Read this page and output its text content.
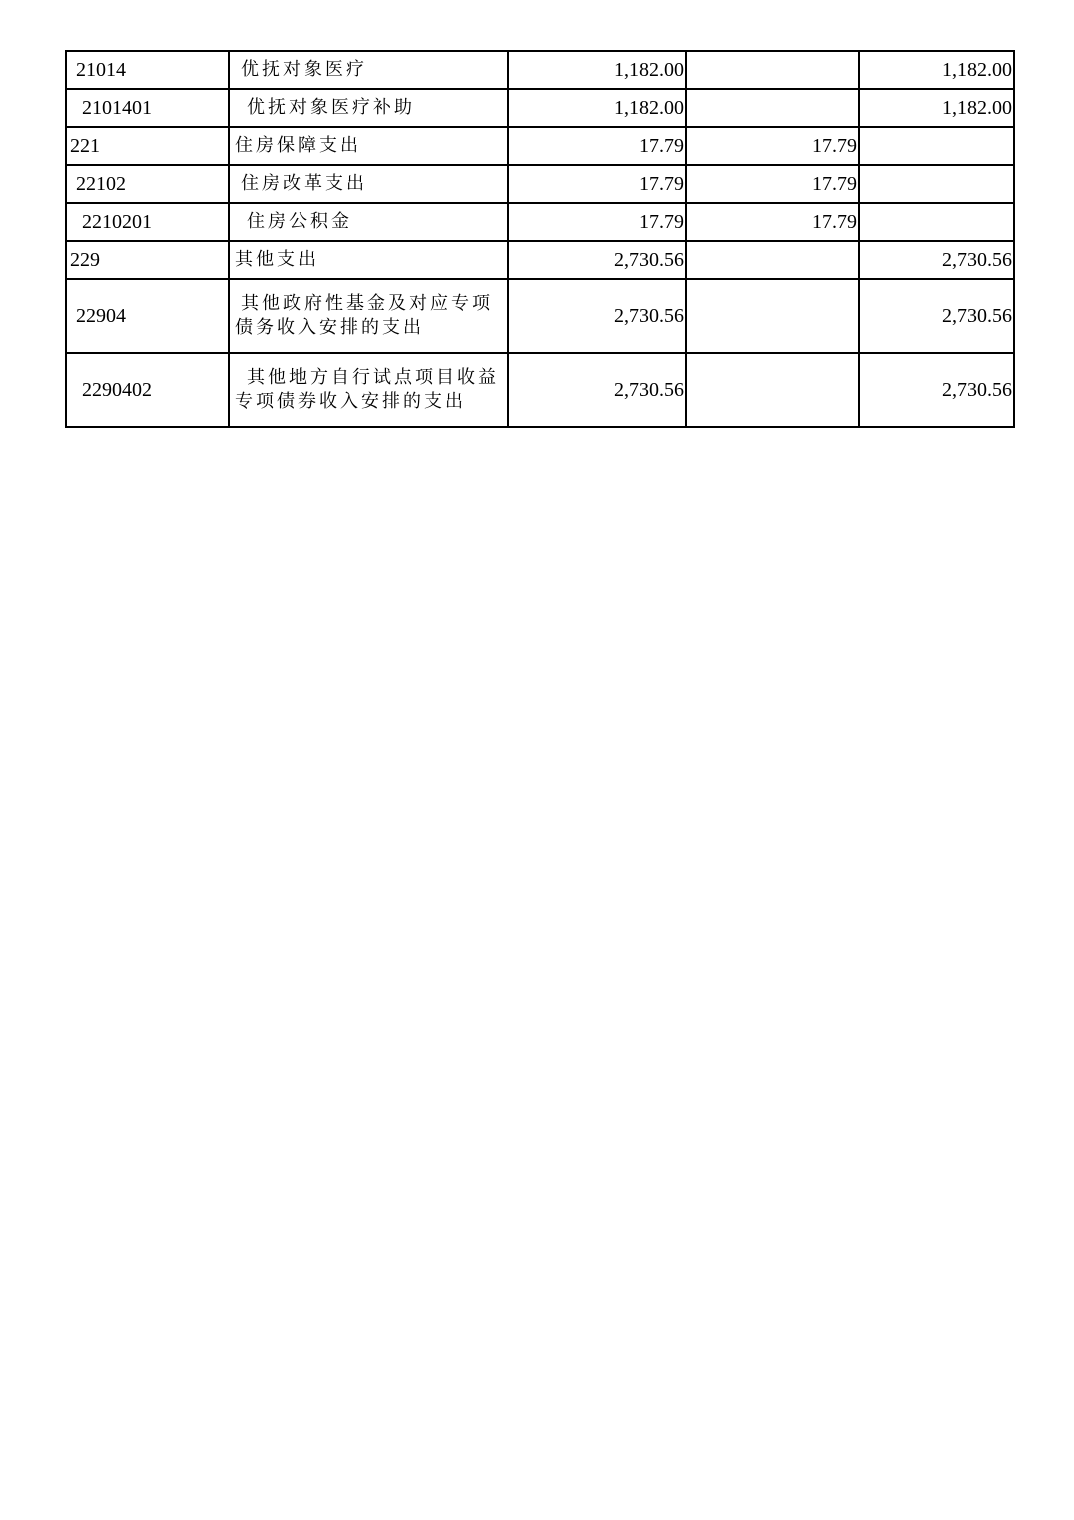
21014	优抚对象医疗	1,182.00		1,182.00
2101401	优抚对象医疗补助	1,182.00		1,182.00
221	住房保障支出	17.79	17.79	
22102	住房改革支出	17.79	17.79	
2210201	住房公积金	17.79	17.79	
229	其他支出	2,730.56		2,730.56
22904	其他政府性基金及对应专项
债务收入安排的支出	2,730.56		2,730.56
2290402	其他地方自行试点项目收益
专项债券收入安排的支出	2,730.56		2,730.56
